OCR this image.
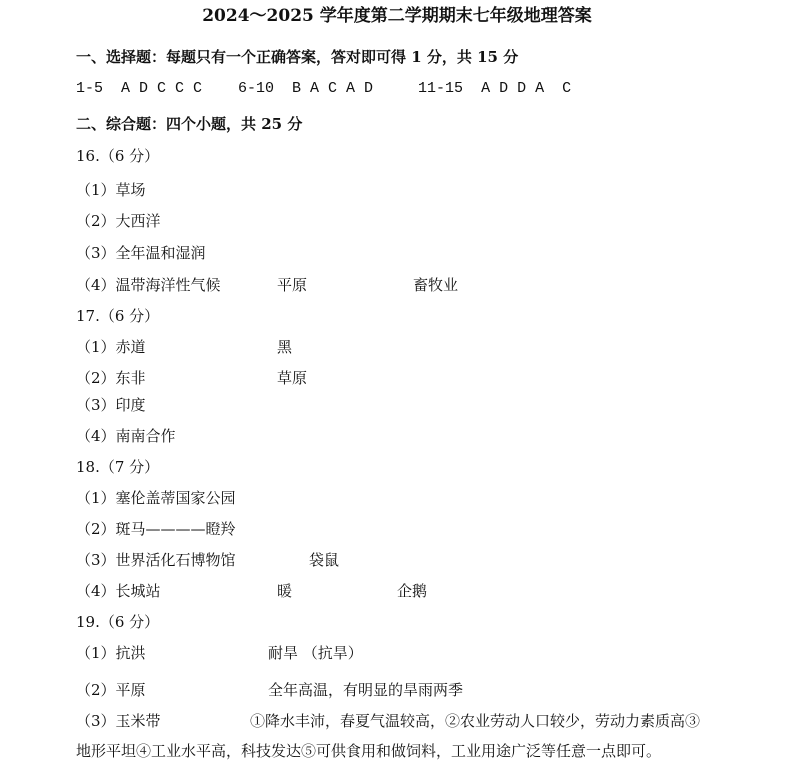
2024～2025 学年度第二学期期末七年级地理答案
一、选择题：每题只有一个正确答案，答对即可得 1 分，共 15 分
1-5  A D C C C    6-10  B A C A D     11-15  A D D A  C
二、综合题：四个小题，共 25 分
16.（6 分）
（1）草场
（2）大西洋
（3）全年温和湿润
（4）温带海洋性气候	平原	畜牧业
17.（6 分）
（1）赤道	黑
（2）东非	草原
（3）印度
（4）南南合作
18.（7 分）
（1）塞伦盖蒂国家公园
（2）斑马————瞪羚
（3）世界活化石博物馆	袋鼠
（4）长城站	暖	企鹅
19.（6 分）
（1）抗洪	耐旱 （抗旱）
（2）平原	全年高温，有明显的旱雨两季
（3）玉米带	①降水丰沛，春夏气温较高，②农业劳动人口较少，劳动力素质高③
地形平坦④工业水平高，科技发达⑤可供食用和做饲料，工业用途广泛等任意一点即可。
